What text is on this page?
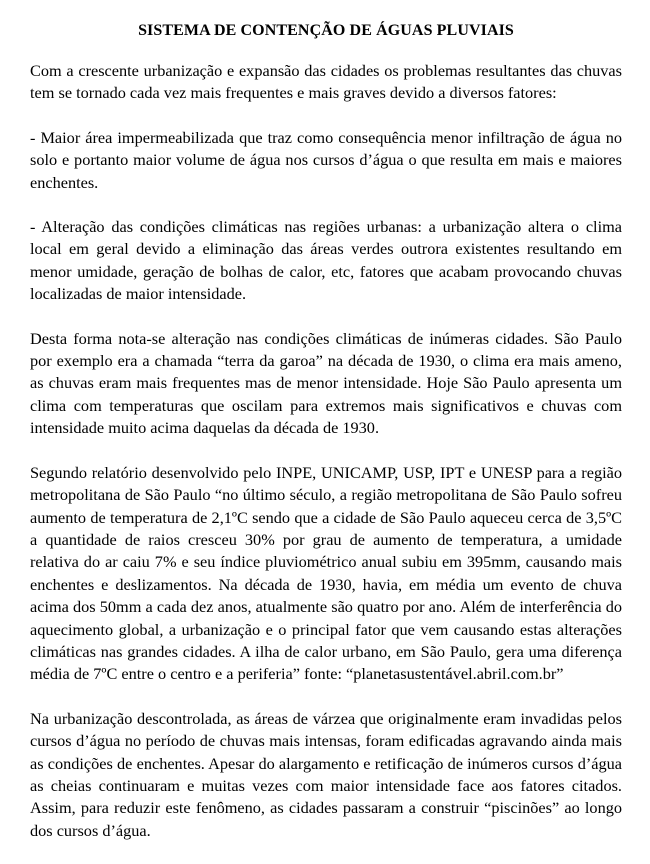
SISTEMA DE CONTENÇÃO DE ÁGUAS PLUVIAIS

Com a crescente urbanização e expansão das cidades os problemas resultantes das chuvas tem se tornado cada vez mais frequentes e mais graves devido a diversos fatores:

- Maior área impermeabilizada que traz como consequência menor infiltração de água no solo e portanto maior volume de água nos cursos d’água o que resulta em mais e maiores enchentes.

- Alteração das condições climáticas nas regiões urbanas: a urbanização altera o clima local em geral devido a eliminação das áreas verdes outrora existentes resultando em menor umidade, geração de bolhas de calor, etc, fatores que acabam provocando chuvas localizadas de maior intensidade.

Desta forma nota-se alteração nas condições climáticas de inúmeras cidades. São Paulo por exemplo era a chamada “terra da garoa” na década de 1930, o clima era mais ameno, as chuvas eram mais frequentes mas de menor intensidade. Hoje São Paulo apresenta um clima com temperaturas que oscilam para extremos mais significativos e chuvas com intensidade muito acima daquelas da década de 1930.

Segundo relatório desenvolvido pelo INPE, UNICAMP, USP, IPT e UNESP para a região metropolitana de São Paulo “no último século, a região metropolitana de São Paulo sofreu aumento de temperatura de 2,1ºC sendo que a cidade de São Paulo aqueceu cerca de 3,5ºC a quantidade de raios cresceu 30% por grau de aumento de temperatura, a umidade relativa do ar caiu 7% e seu índice pluviométrico anual subiu em 395mm, causando mais enchentes e deslizamentos. Na década de 1930, havia, em média um evento de chuva acima dos 50mm a cada dez anos, atualmente são quatro por ano. Além de interferência do aquecimento global, a urbanização e o principal fator que vem causando estas alterações climáticas nas grandes cidades. A ilha de calor urbano, em São Paulo, gera uma diferença média de 7ºC entre o centro e a periferia” fonte: “planetasustentável.abril.com.br”

Na urbanização descontrolada, as áreas de várzea que originalmente eram invadidas pelos cursos d’água no período de chuvas mais intensas, foram edificadas agravando ainda mais as condições de enchentes. Apesar do alargamento e retificação de inúmeros cursos d’água as cheias continuaram e muitas vezes com maior intensidade face aos fatores citados. Assim, para reduzir este fenômeno, as cidades passaram a construir “piscinões” ao longo dos cursos d’água.
